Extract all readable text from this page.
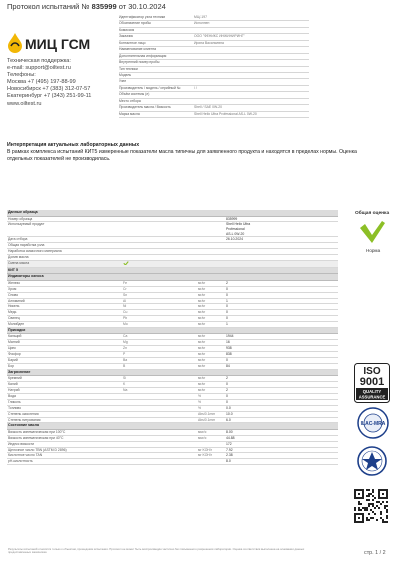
Протокол испытаний № 835999 от 30.10.2024
МИЦ ГСМ
Техническая поддержка:
e-mail: support@oiltest.ru
Телефоны:
Москва +7 (495) 197-88-99
Новосибирск +7 (383) 312-07-57
Екатеринбург +7 (343) 251-99-11
www.oiltest.ru
Идентификатор узла техники	МЦ/-197
Обозначение пробы	Исполнен
Комиссия
Заказчик	ООО "ФЕНИКС ИНЖИНИРИНГ"
Контактное лицо	Ирина Васильевна
Наименование клиента
Дополнительная информация
Внутренний номер пробы
Тип техники
Модель
Узел
Производитель / модель / серийный №	/ /
Объём системы (л)
Место отбора
Производитель масла / Вязкость	Shell / SAE 0W-20
Марка масла	Shell Helix Ultra Professional AS-L 0W-20
Интерпретация актуальных лабораторных данных
В рамках комплекса испытаний КИТ5 измеренные показатели масла типичны для заявленного продукта и находятся в пределах нормы. Оценка отдельных показателей не производилась.
Данные образца
Номер образца	835999
Используемый продукт	Shell Helix Ultra Professional AS-L 0W-20
Дата отбора	26.10.2024
Общая наработка узла
Наработка смазочного материала
Долив масла
Смена масла
КИТ 5
Индикаторы износа
Железо	Fe	мг/кг	2
Хром	Cr	мг/кг	0
Олово	Sn	мг/кг	0
Алюминий	Al	мг/кг	1
Никель	Ni	мг/кг	0
Медь	Cu	мг/кг	0
Свинец	Pb	мг/кг	0
Молибден	Mo	мг/кг	1
Присадки
Кальций	Ca	мг/кг	1944
Магний	Mg	мг/кг	16
Цинк	Zn	мг/кг	938
Фосфор	P	мг/кг	838
Барий	Ba	мг/кг	0
Бор	B	мг/кг	84
Загрязнение
Кремний	Si	мг/кг	2
Калий	K	мг/кг	0
Натрий	Na	мг/кг	2
Вода	%	0
Гликоль	%	0
Топливо	%	0.0
Степень окисления	Abs/0.1mm	10.0
Степень нитрования	Abs/0.1mm	6.0
Состояние масла
Вязкость кинематическая при 100°С	мм²/с	8.00
Вязкость кинематическая при 40°С	мм²/с	44.88
Индекс вязкости	172
Щелочное число TBN (ASTM D 2896)	мг KOH/г	7.92
Кислотное число TAN	мг KOH/г	2.38
pH-кислотность	8.0
Общая оценка
Норма
ISO
9001
QUALITY
ASSURANCE
ILAC-MRA
Результаты испытаний относятся только к объектам, прошедшим испытания. Протокол не может быть воспроизведён частично без письменного разрешения лаборатории. Оценка соответствия выполнена на основании данных предоставленных заказчиком.	стр. 1 / 2
